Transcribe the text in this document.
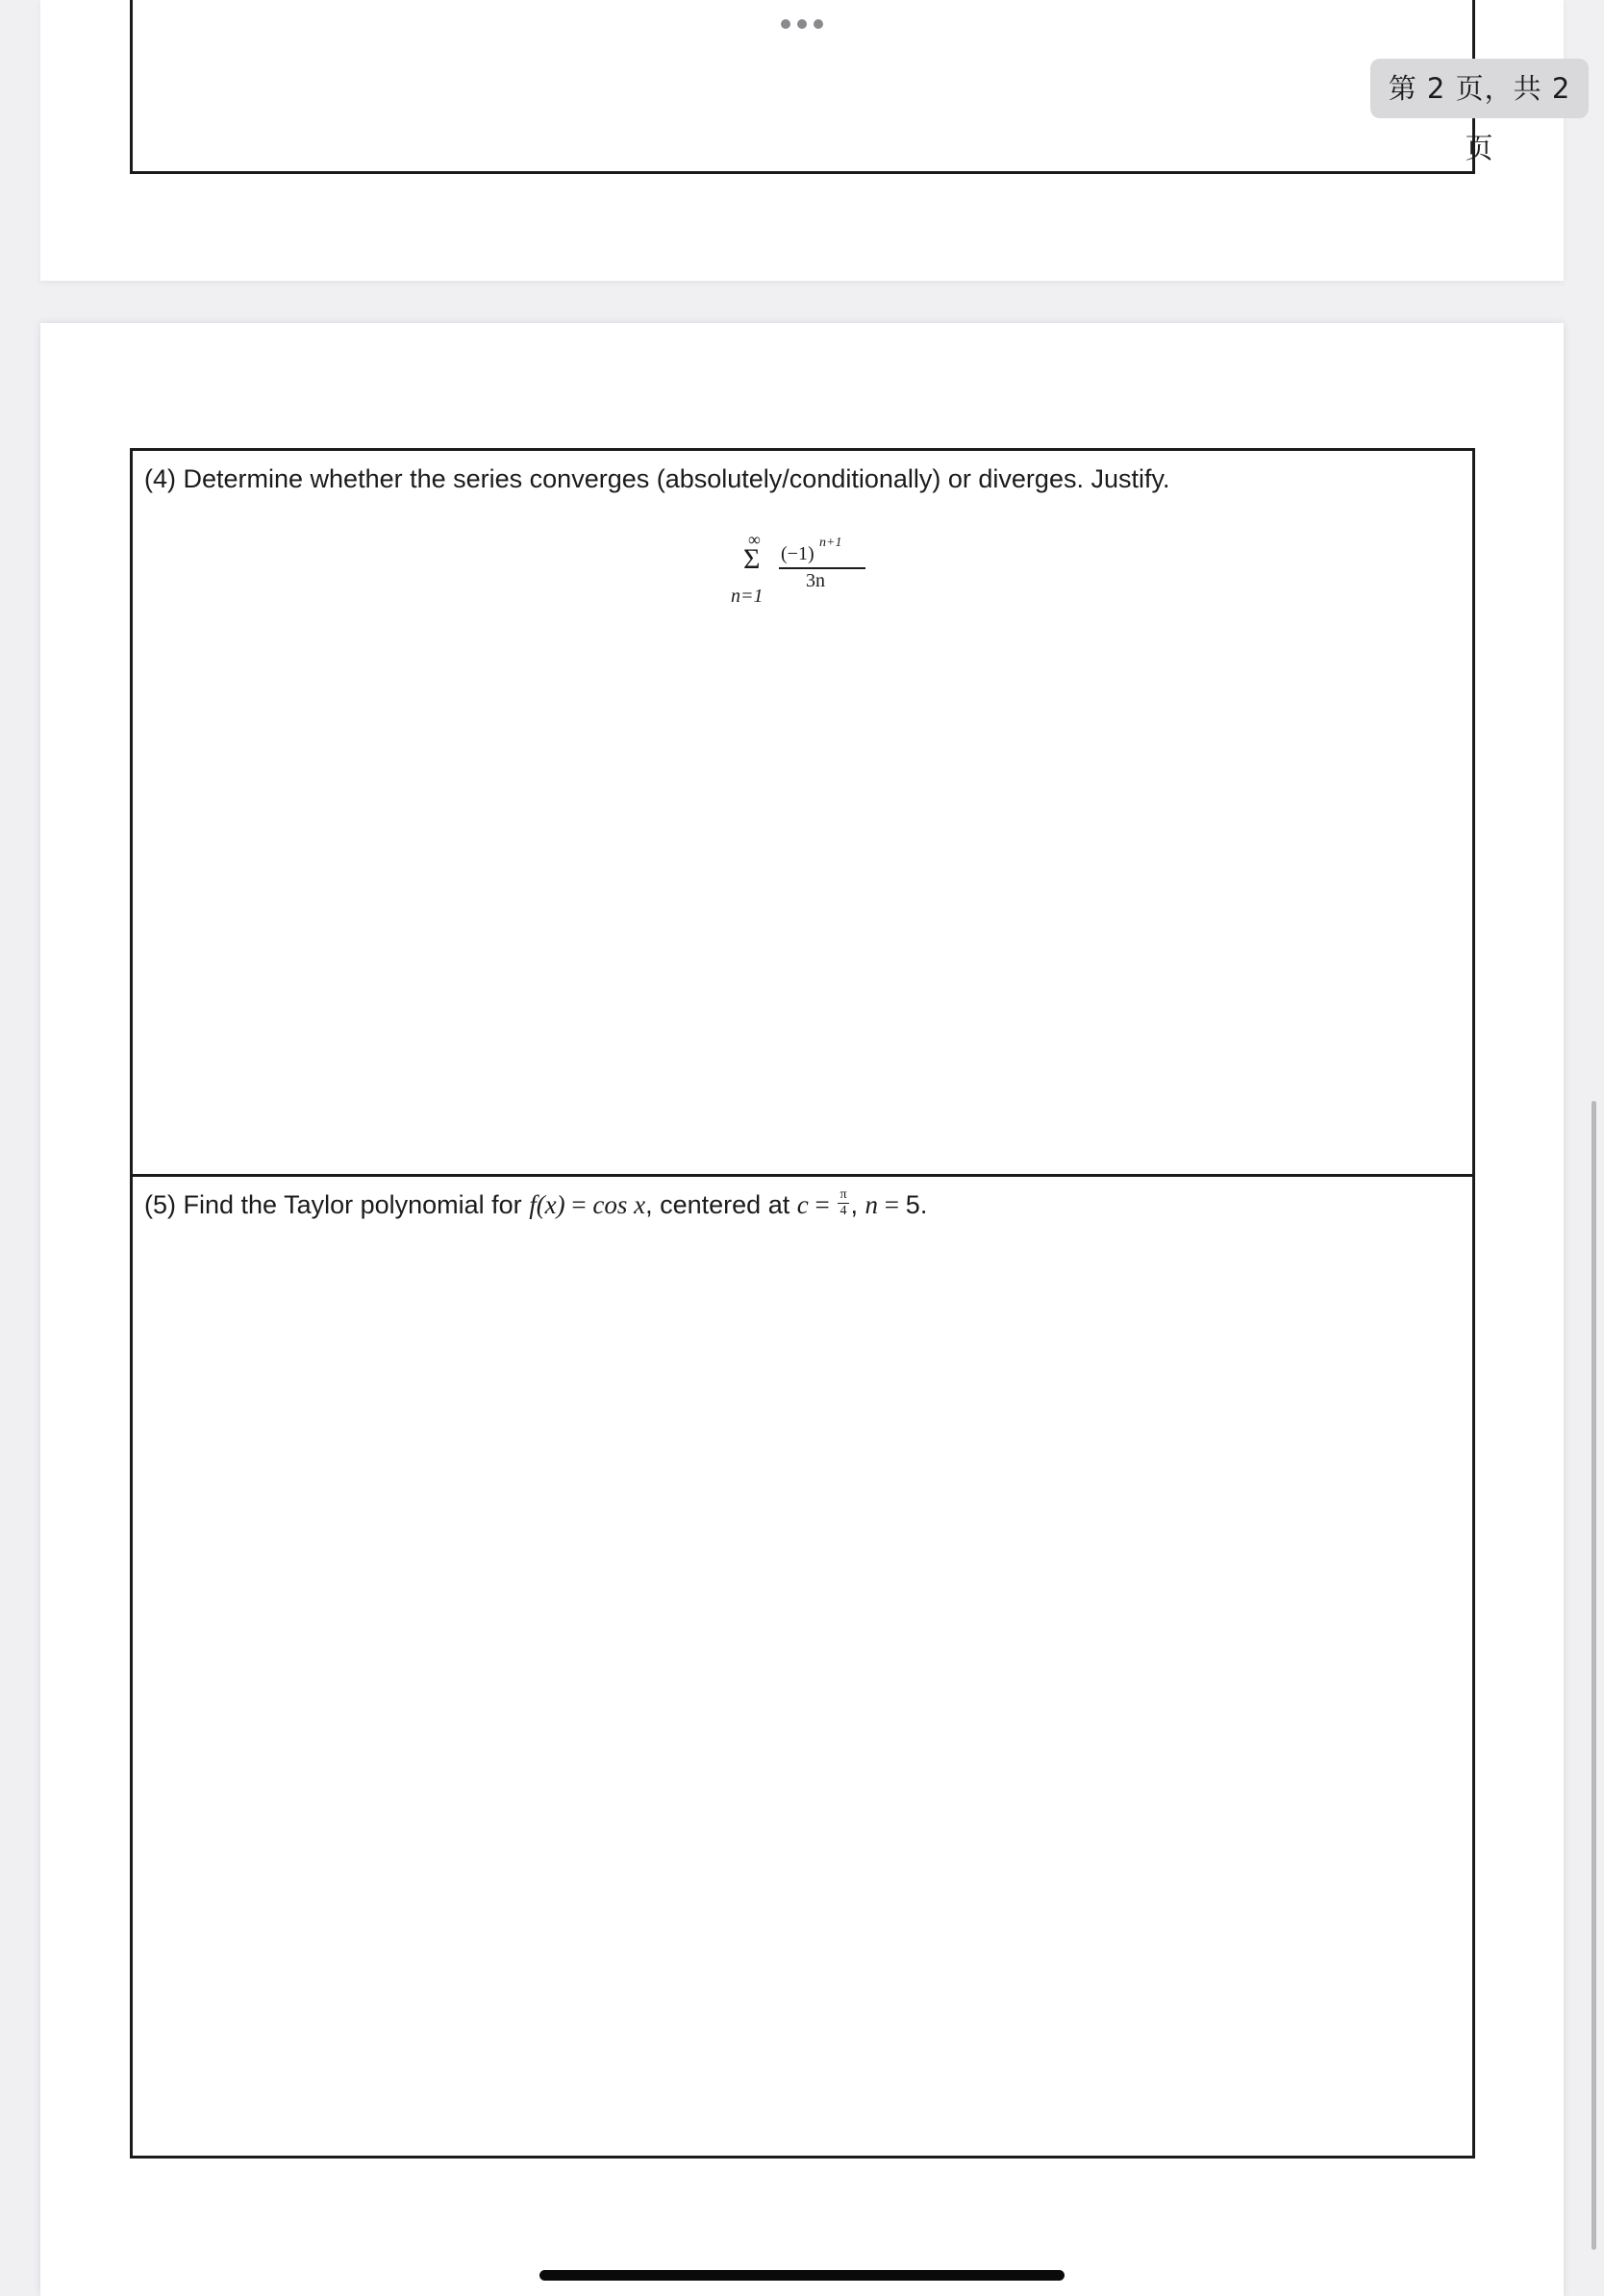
第 2 页，共 2 页
(4) Determine whether the series converges (absolutely/conditionally) or diverges. Justify.
∞
Σ
n=1
(−1)
n+1
3n
(5) Find the Taylor polynomial for f(x) = cos x, centered at $c = \frac{\pi}{4}$ , n = 5.
